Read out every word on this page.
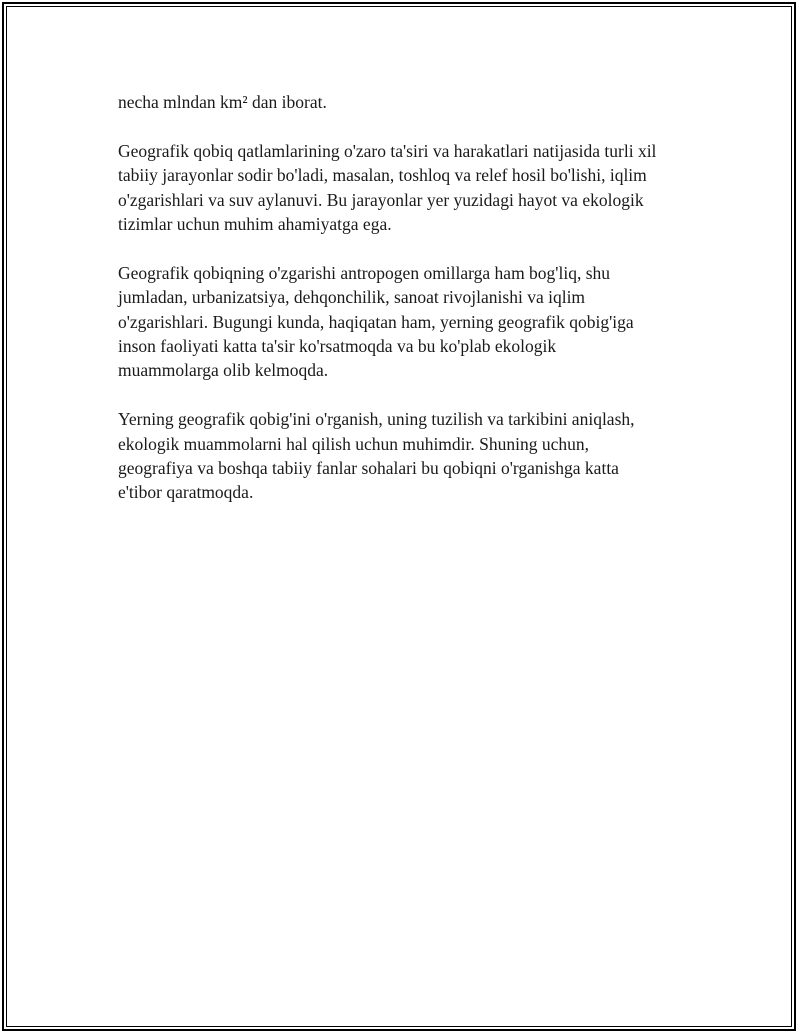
necha mlndan km² dan iborat.

Geografik qobiq qatlamlarining o'zaro ta'siri va harakatlari natijasida turli xil
tabiiy jarayonlar sodir bo'ladi, masalan, toshloq va relef hosil bo'lishi, iqlim
o'zgarishlari va suv aylanuvi. Bu jarayonlar yer yuzidagi hayot va ekologik
tizimlar uchun muhim ahamiyatga ega.

Geografik qobiqning o'zgarishi antropogen omillarga ham bog'liq, shu
jumladan, urbanizatsiya, dehqonchilik, sanoat rivojlanishi va iqlim
o'zgarishlari. Bugungi kunda, haqiqatan ham, yerning geografik qobig'iga
inson faoliyati katta ta'sir ko'rsatmoqda va bu ko'plab ekologik
muammolarga olib kelmoqda.

Yerning geografik qobig'ini o'rganish, uning tuzilish va tarkibini aniqlash,
ekologik muammolarni hal qilish uchun muhimdir. Shuning uchun,
geografiya va boshqa tabiiy fanlar sohalari bu qobiqni o'rganishga katta
e'tibor qaratmoqda.
